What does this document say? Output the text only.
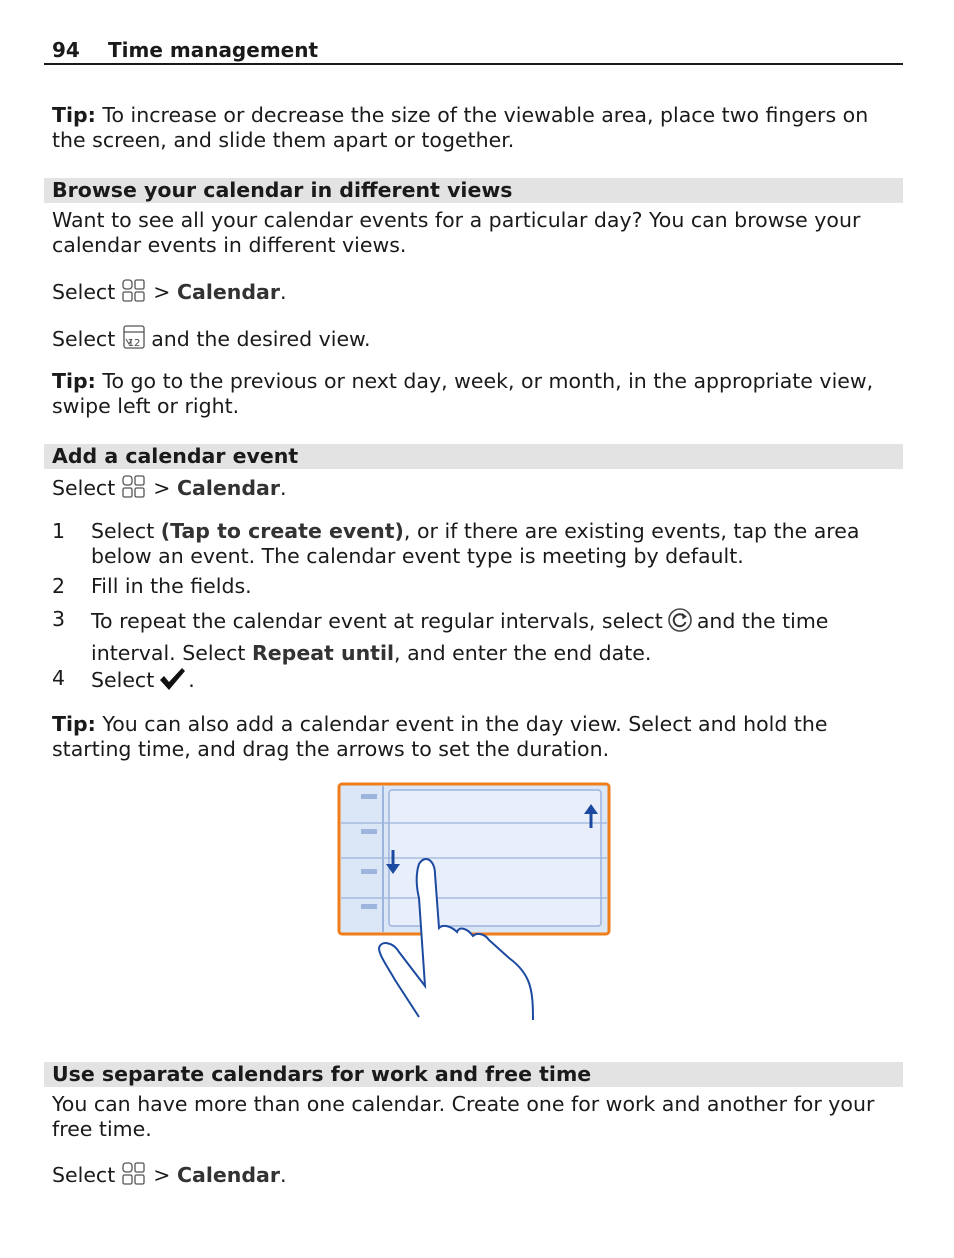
94 Time management
Tip: To increase or decrease the size of the viewable area, place two fingers on the screen, and slide them apart or together.
Browse your calendar in different views
Want to see all your calendar events for a particular day? You can browse your calendar events in different views.
Select > Calendar.
Select 12 and the desired view.
Tip: To go to the previous or next day, week, or month, in the appropriate view, swipe left or right.
Add a calendar event
Select > Calendar.
1 Select (Tap to create event), or if there are existing events, tap the area below an event. The calendar event type is meeting by default.
2 Fill in the fields.
3 To repeat the calendar event at regular intervals, select and the time interval. Select Repeat until, and enter the end date.
4 Select .
Tip: You can also add a calendar event in the day view. Select and hold the starting time, and drag the arrows to set the duration.
Use separate calendars for work and free time
You can have more than one calendar. Create one for work and another for your free time.
Select > Calendar.
